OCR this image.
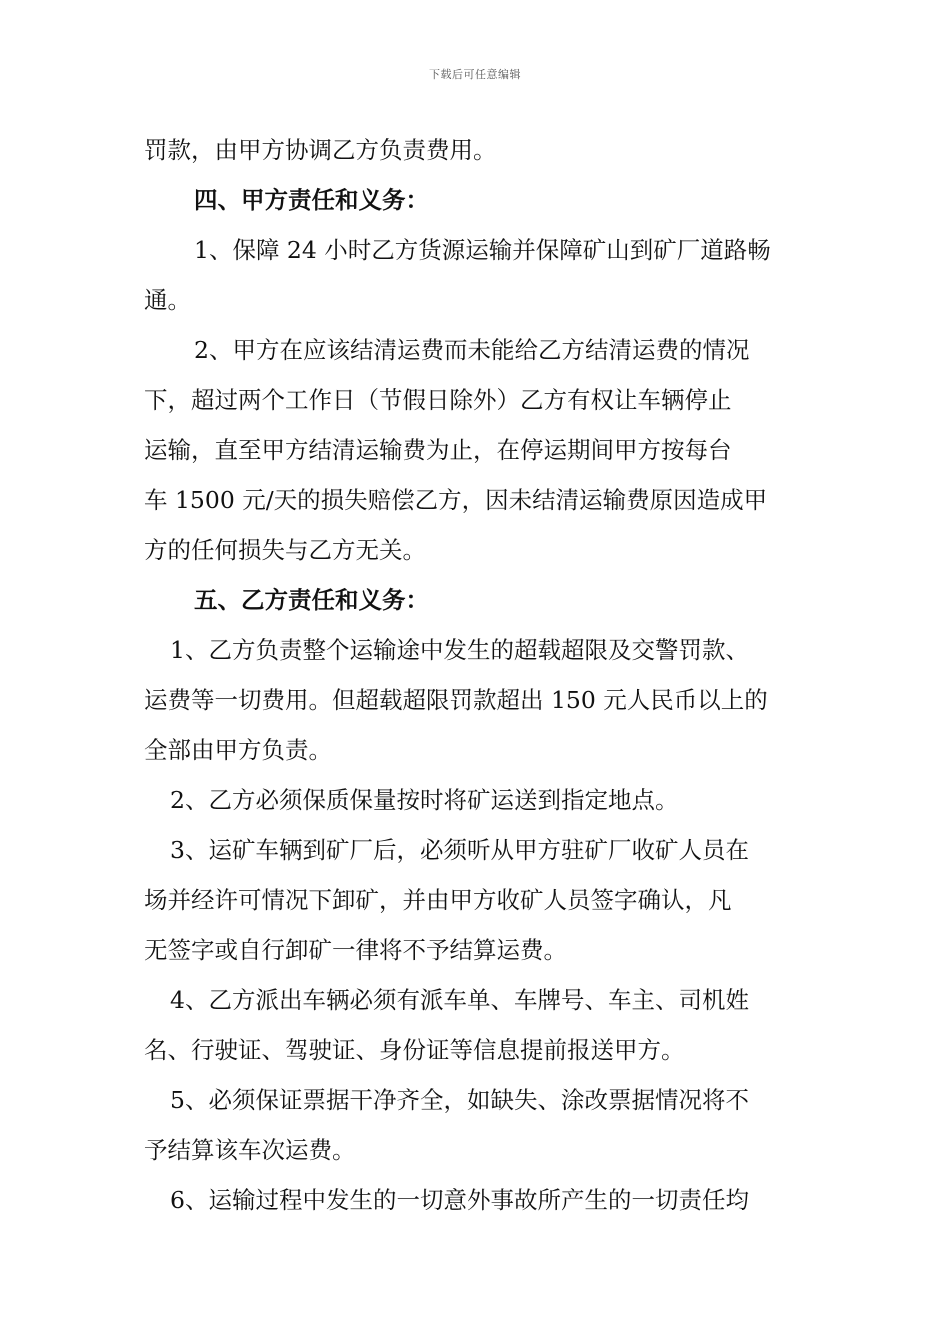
下载后可任意编辑
罚款，由甲方协调乙方负责费用。
四、甲方责任和义务：
1、保障 24 小时乙方货源运输并保障矿山到矿厂道路畅
通。
2、甲方在应该结清运费而未能给乙方结清运费的情况
下，超过两个工作日（节假日除外）乙方有权让车辆停止
运输，直至甲方结清运输费为止，在停运期间甲方按每台
车 1500 元/天的损失赔偿乙方，因未结清运输费原因造成甲
方的任何损失与乙方无关。
五、乙方责任和义务：
1、乙方负责整个运输途中发生的超载超限及交警罚款、
运费等一切费用。但超载超限罚款超出 150 元人民币以上的
全部由甲方负责。
2、乙方必须保质保量按时将矿运送到指定地点。
3、运矿车辆到矿厂后，必须听从甲方驻矿厂收矿人员在
场并经许可情况下卸矿，并由甲方收矿人员签字确认，凡
无签字或自行卸矿一律将不予结算运费。
4、乙方派出车辆必须有派车单、车牌号、车主、司机姓
名、行驶证、驾驶证、身份证等信息提前报送甲方。
5、必须保证票据干净齐全，如缺失、涂改票据情况将不
予结算该车次运费。
6、运输过程中发生的一切意外事故所产生的一切责任均
